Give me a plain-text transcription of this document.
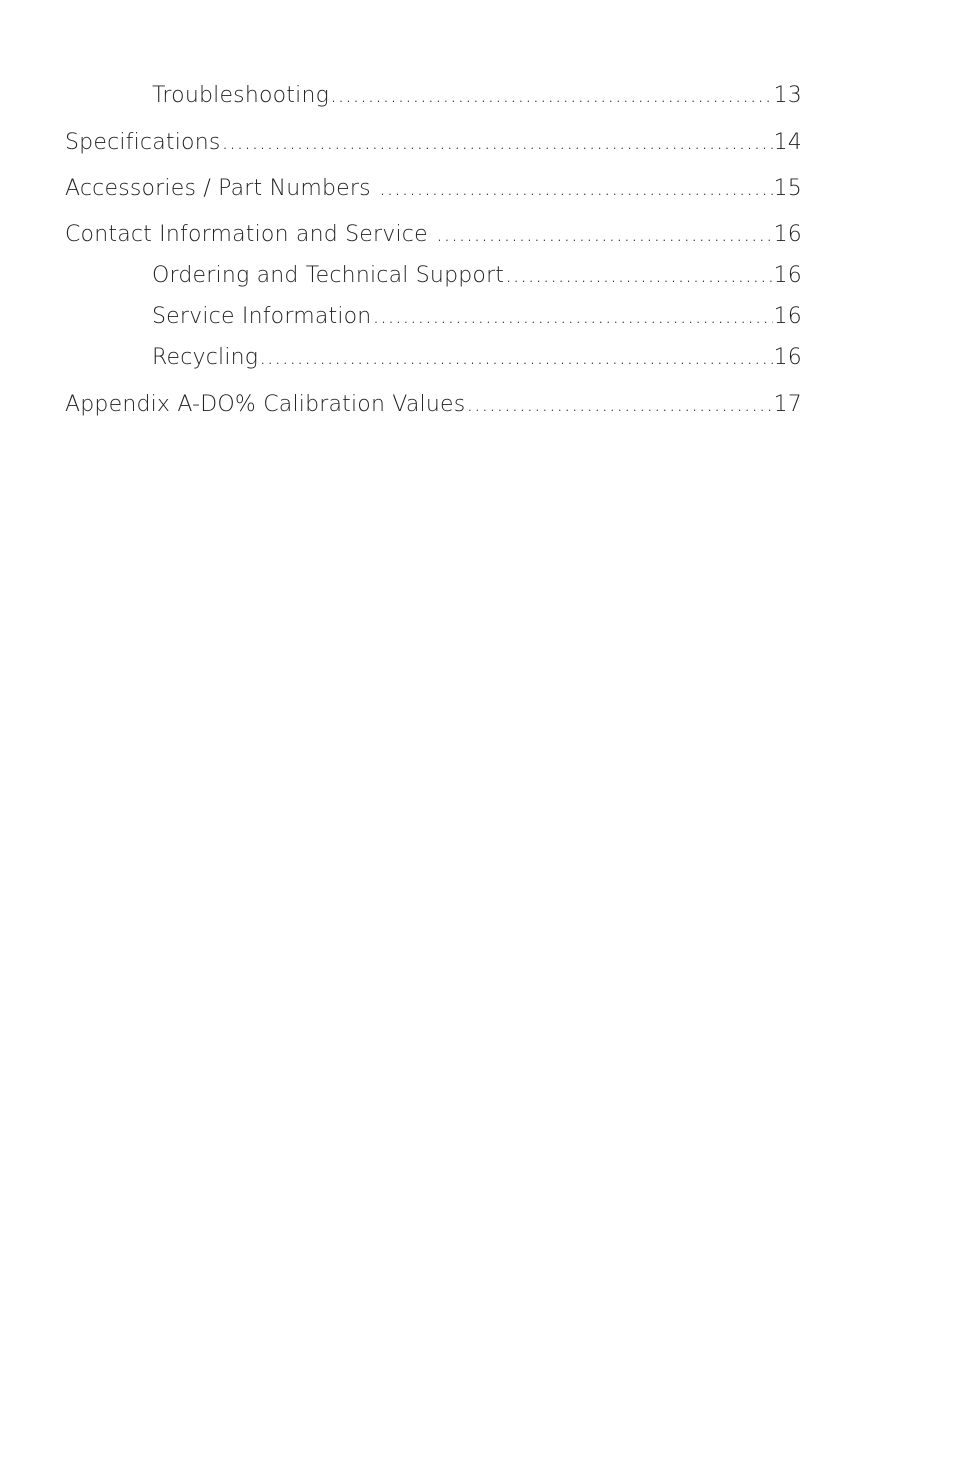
Troubleshooting .....	13
Specifications .....	14
Accessories / Part Numbers .....	15
Contact Information and Service .....	16
Ordering and Technical Support .....	16
Service Information .....	16
Recycling .....	16
Appendix A-DO% Calibration Values .....	17
